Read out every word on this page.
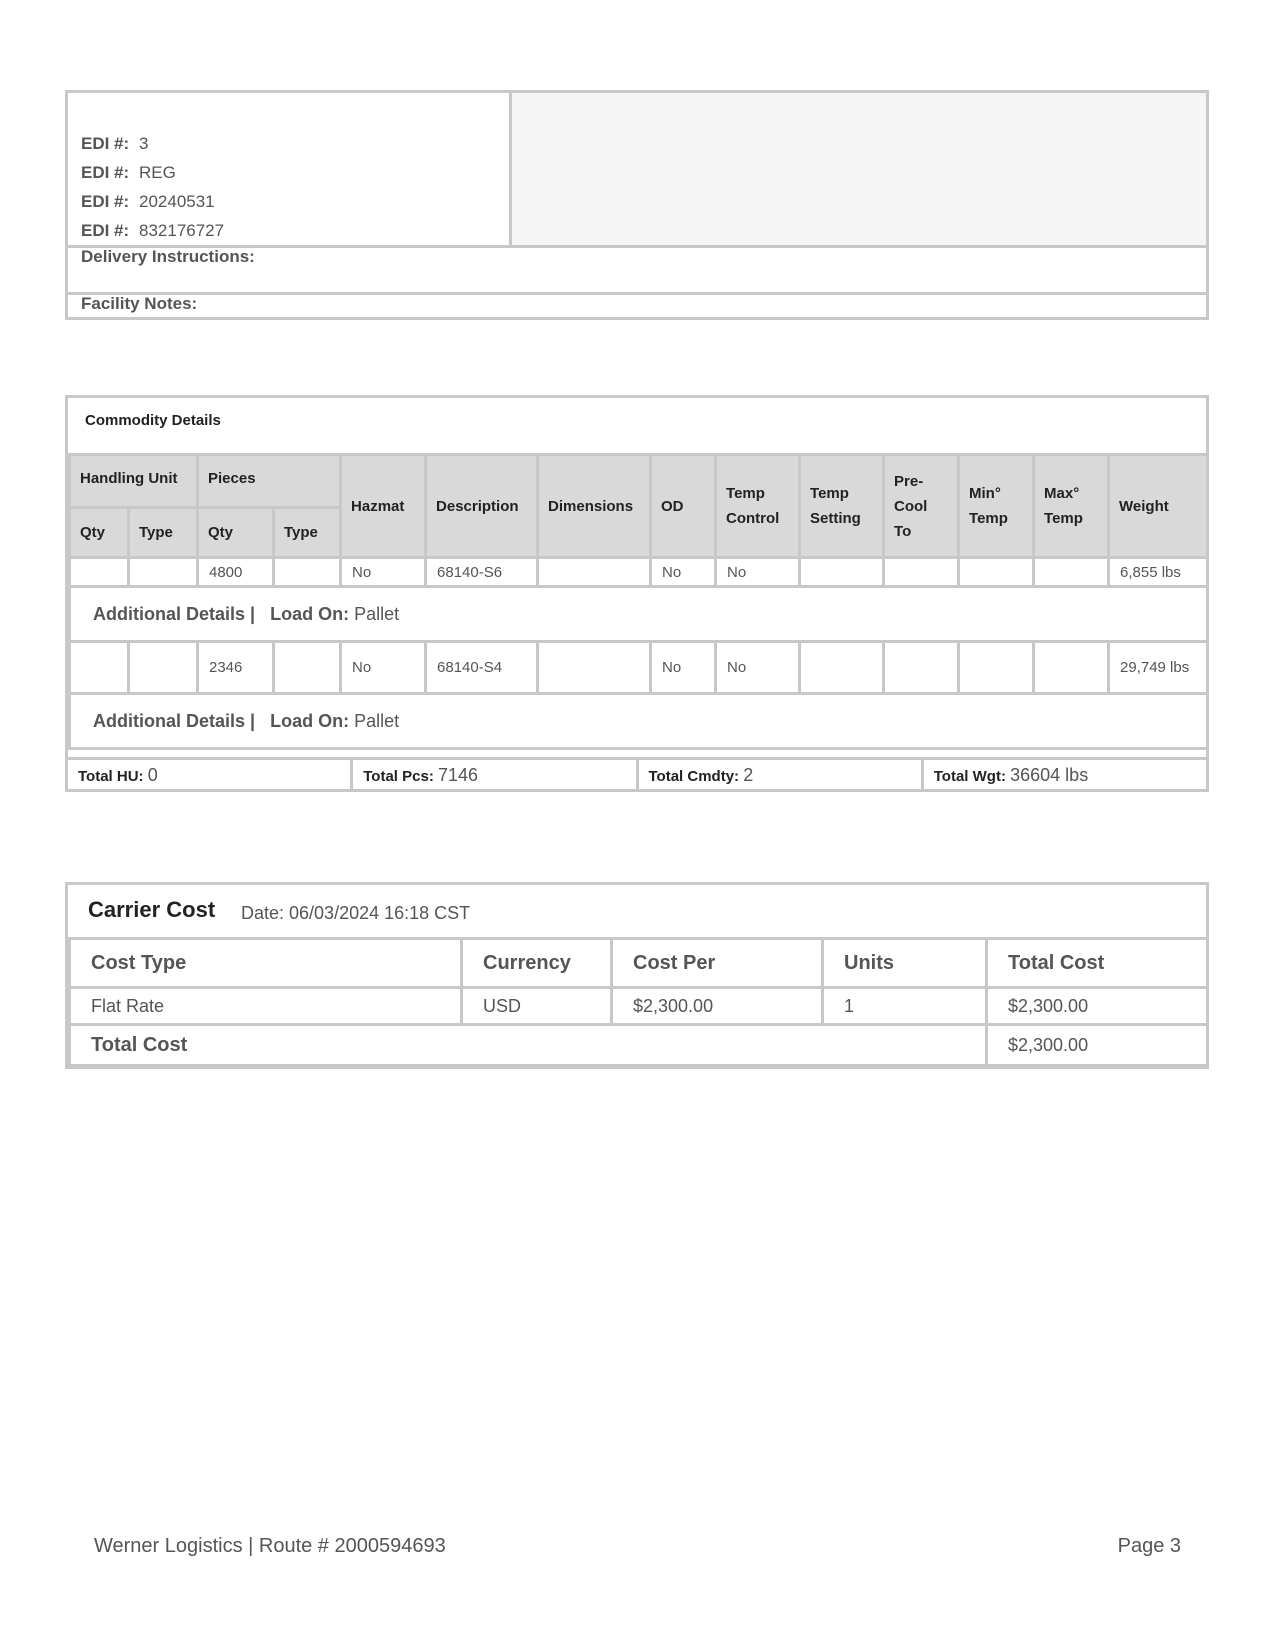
EDI #: 3
EDI #: REG
EDI #: 20240531
EDI #: 832176727
Delivery Instructions:
Facility Notes:
Commodity Details
Handling Unit		Pieces		Hazmat	Description	Dimensions	OD	Temp Control	Temp Setting	Pre-Cool To	Min° Temp	Max° Temp	Weight
Qty	Type	Qty	Type										
		4800		No	68140-S6		No	No					6,855 lbs
Additional Details | Load On: Pallet													
		2346		No	68140-S4		No	No					29,749 lbs
Additional Details | Load On: Pallet													
Total HU: 0	Total Pcs: 7146	Total Cmdty: 2	Total Wgt: 36604 lbs
Carrier Cost Date: 06/03/2024 16:18 CST
Cost Type	Currency	Cost Per	Units	Total Cost
Flat Rate	USD	$2,300.00	1	$2,300.00
Total Cost				$2,300.00
Werner Logistics | Route # 2000594693	Page 3
